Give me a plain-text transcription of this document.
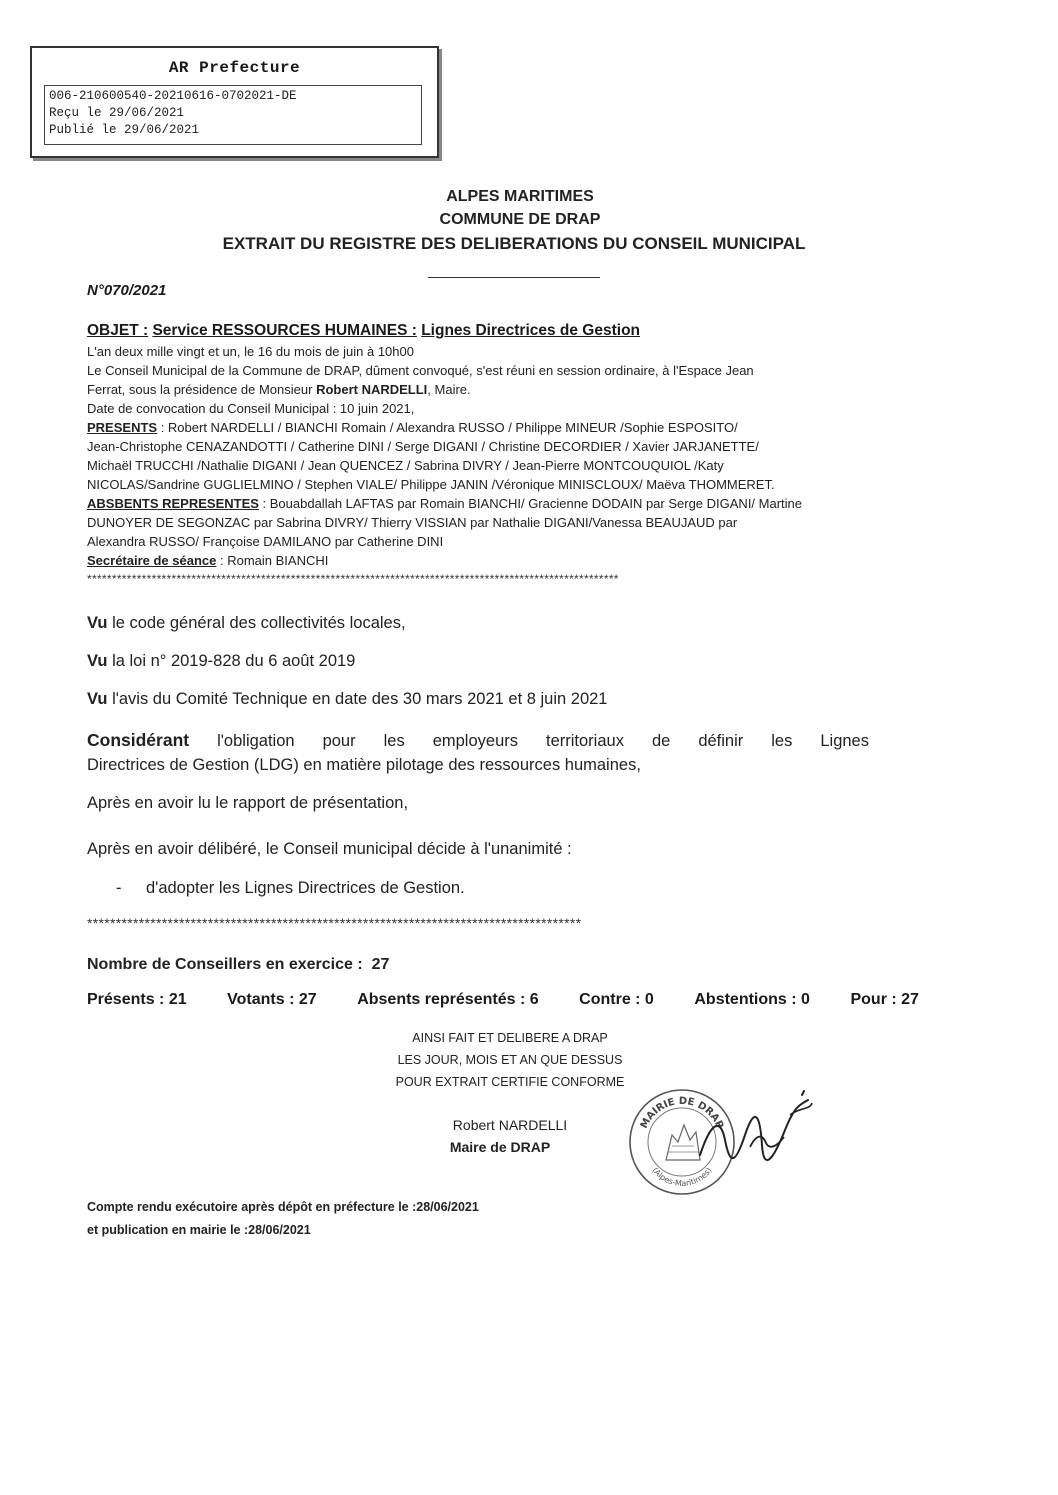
AR Prefecture
006-210600540-20210616-0702021-DE
Reçu le 29/06/2021
Publié le 29/06/2021
ALPES MARITIMES
COMMUNE DE DRAP
EXTRAIT DU REGISTRE DES DELIBERATIONS DU CONSEIL MUNICIPAL
N°070/2021
OBJET : Service RESSOURCES HUMAINES : Lignes Directrices de Gestion
L'an deux mille vingt et un, le 16 du mois de juin à 10h00
Le Conseil Municipal de la Commune de DRAP, dûment convoqué, s'est réuni en session ordinaire, à l'Espace Jean
Ferrat, sous la présidence de Monsieur Robert NARDELLI, Maire.
Date de convocation du Conseil Municipal : 10 juin 2021,
PRESENTS : Robert NARDELLI / BIANCHI Romain / Alexandra RUSSO / Philippe MINEUR /Sophie ESPOSITO/
Jean-Christophe CENAZANDOTTI / Catherine DINI / Serge DIGANI / Christine DECORDIER / Xavier JARJANETTE/
Michaël TRUCCHI /Nathalie DIGANI / Jean QUENCEZ / Sabrina DIVRY / Jean-Pierre MONTCOUQUIOL /Katy
NICOLAS/Sandrine GUGLIELMINO / Stephen VIALE/ Philippe JANIN /Véronique MINISCLOUX/ Maëva THOMMERET.
ABSBENTS REPRESENTES : Bouabdallah LAFTAS par Romain BIANCHI/ Gracienne DODAIN par Serge DIGANI/ Martine
DUNOYER DE SEGONZAC par Sabrina DIVRY/ Thierry VISSIAN par Nathalie DIGANI/Vanessa BEAUJAUD par
Alexandra RUSSO/ Françoise DAMILANO par Catherine DINI
Secrétaire de séance : Romain BIANCHI
***********************************************************************************************************
Vu le code général des collectivités locales,
Vu la loi n° 2019-828 du 6 août 2019
Vu l'avis du Comité Technique en date des 30 mars 2021 et 8 juin 2021
Considérant l'obligation pour les employeurs territoriaux de définir les Lignes
Directrices de Gestion (LDG) en matière pilotage des ressources humaines,
Après en avoir lu le rapport de présentation,
Après en avoir délibéré, le Conseil municipal décide à l'unanimité :
- d'adopter les Lignes Directrices de Gestion.
**************************************************************************************
Nombre de Conseillers en exercice : 27
Présents : 21	Votants : 27	Absents représentés : 6	Contre : 0	Abstentions : 0	Pour : 27
AINSI FAIT ET DELIBERE A DRAP
LES JOUR, MOIS ET AN QUE DESSUS
POUR EXTRAIT CERTIFIE CONFORME
Robert NARDELLI
Maire de DRAP
MAIRIE DE DRAP
(Alpes-Maritimes)
Compte rendu exécutoire après dépôt en préfecture le :28/06/2021
et publication en mairie le :28/06/2021
